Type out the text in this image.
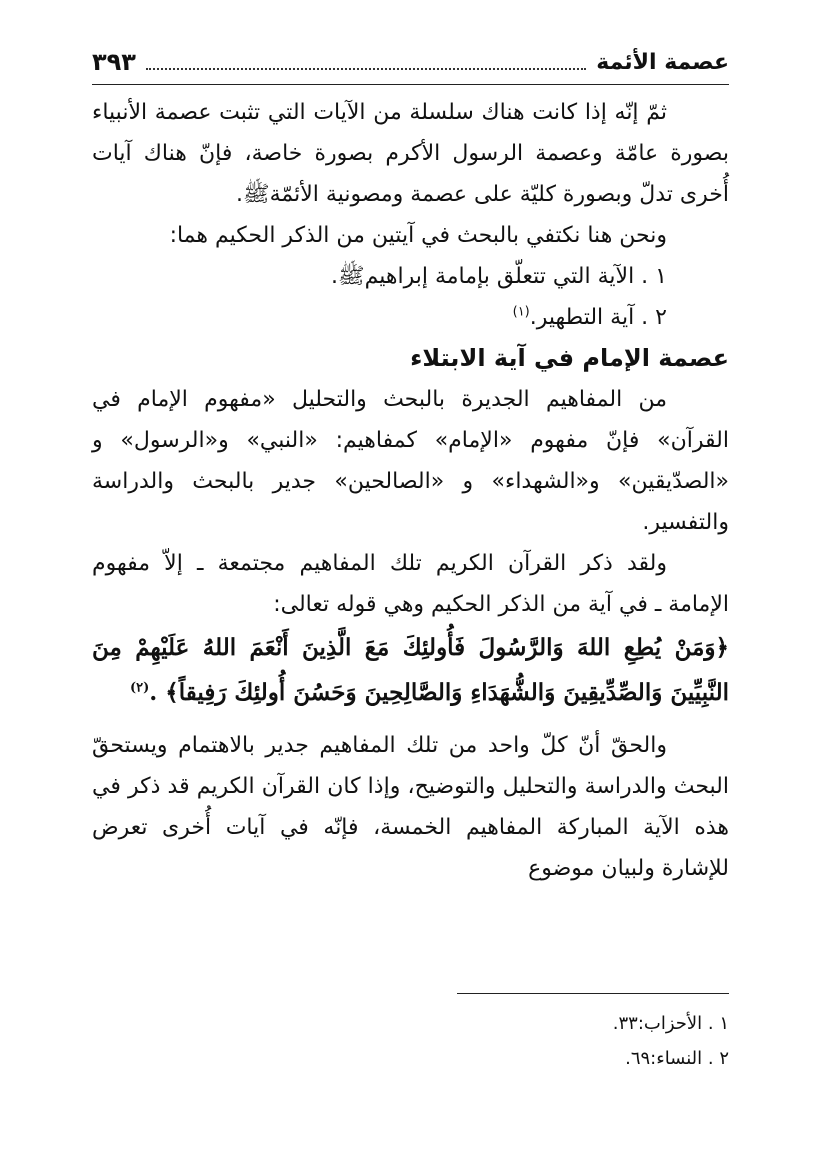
عصمة الأئمة
٣٩٣

ثمّ إنّه إذا كانت هناك سلسلة من الآيات التي تثبت عصمة الأنبياء بصورة عامّة وعصمة الرسول الأكرم بصورة خاصة، فإنّ هناك آيات أُخرى تدلّ وبصورة كليّة على عصمة ومصونية الأئمّةﷺ.

ونحن هنا نكتفي بالبحث في آيتين من الذكر الحكيم هما:

١ . الآية التي تتعلّق بإمامة إبراهيمﷺ.

٢ . آية التطهير.$^{(١)}$

عصمة الإمام في آية الابتلاء

من المفاهيم الجديرة بالبحث والتحليل «مفهوم الإمام في القرآن» فإنّ مفهوم «الإمام» كمفاهيم: «النبي» و«الرسول» و «الصدّيقين» و«الشهداء» و «الصالحين» جدير بالبحث والدراسة والتفسير.

ولقد ذكر القرآن الكريم تلك المفاهيم مجتمعة ـ إلاّ مفهوم الإمامة ـ في آية من الذكر الحكيم وهي قوله تعالى:

﴿وَمَنْ يُطِعِ اللهَ وَالرَّسُولَ فَأُولئِكَ مَعَ الَّذِينَ أَنْعَمَ اللهُ عَلَيْهِمْ مِنَ النَّبِيِّينَ وَالصِّدِّيقِينَ وَالشُّهَدَاءِ وَالصَّالِحِينَ وَحَسُنَ أُولئِكَ رَفِيقاً﴾ .$^{(٢)}$

والحقّ أنّ كلّ واحد من تلك المفاهيم جدير بالاهتمام ويستحقّ البحث والدراسة والتحليل والتوضيح، وإذا كان القرآن الكريم قد ذكر في هذه الآية المباركة المفاهيم الخمسة، فإنّه في آيات أُخرى تعرض للإشارة ولبيان موضوع

١ . الأحزاب:٣٣.

٢ . النساء:٦٩.
